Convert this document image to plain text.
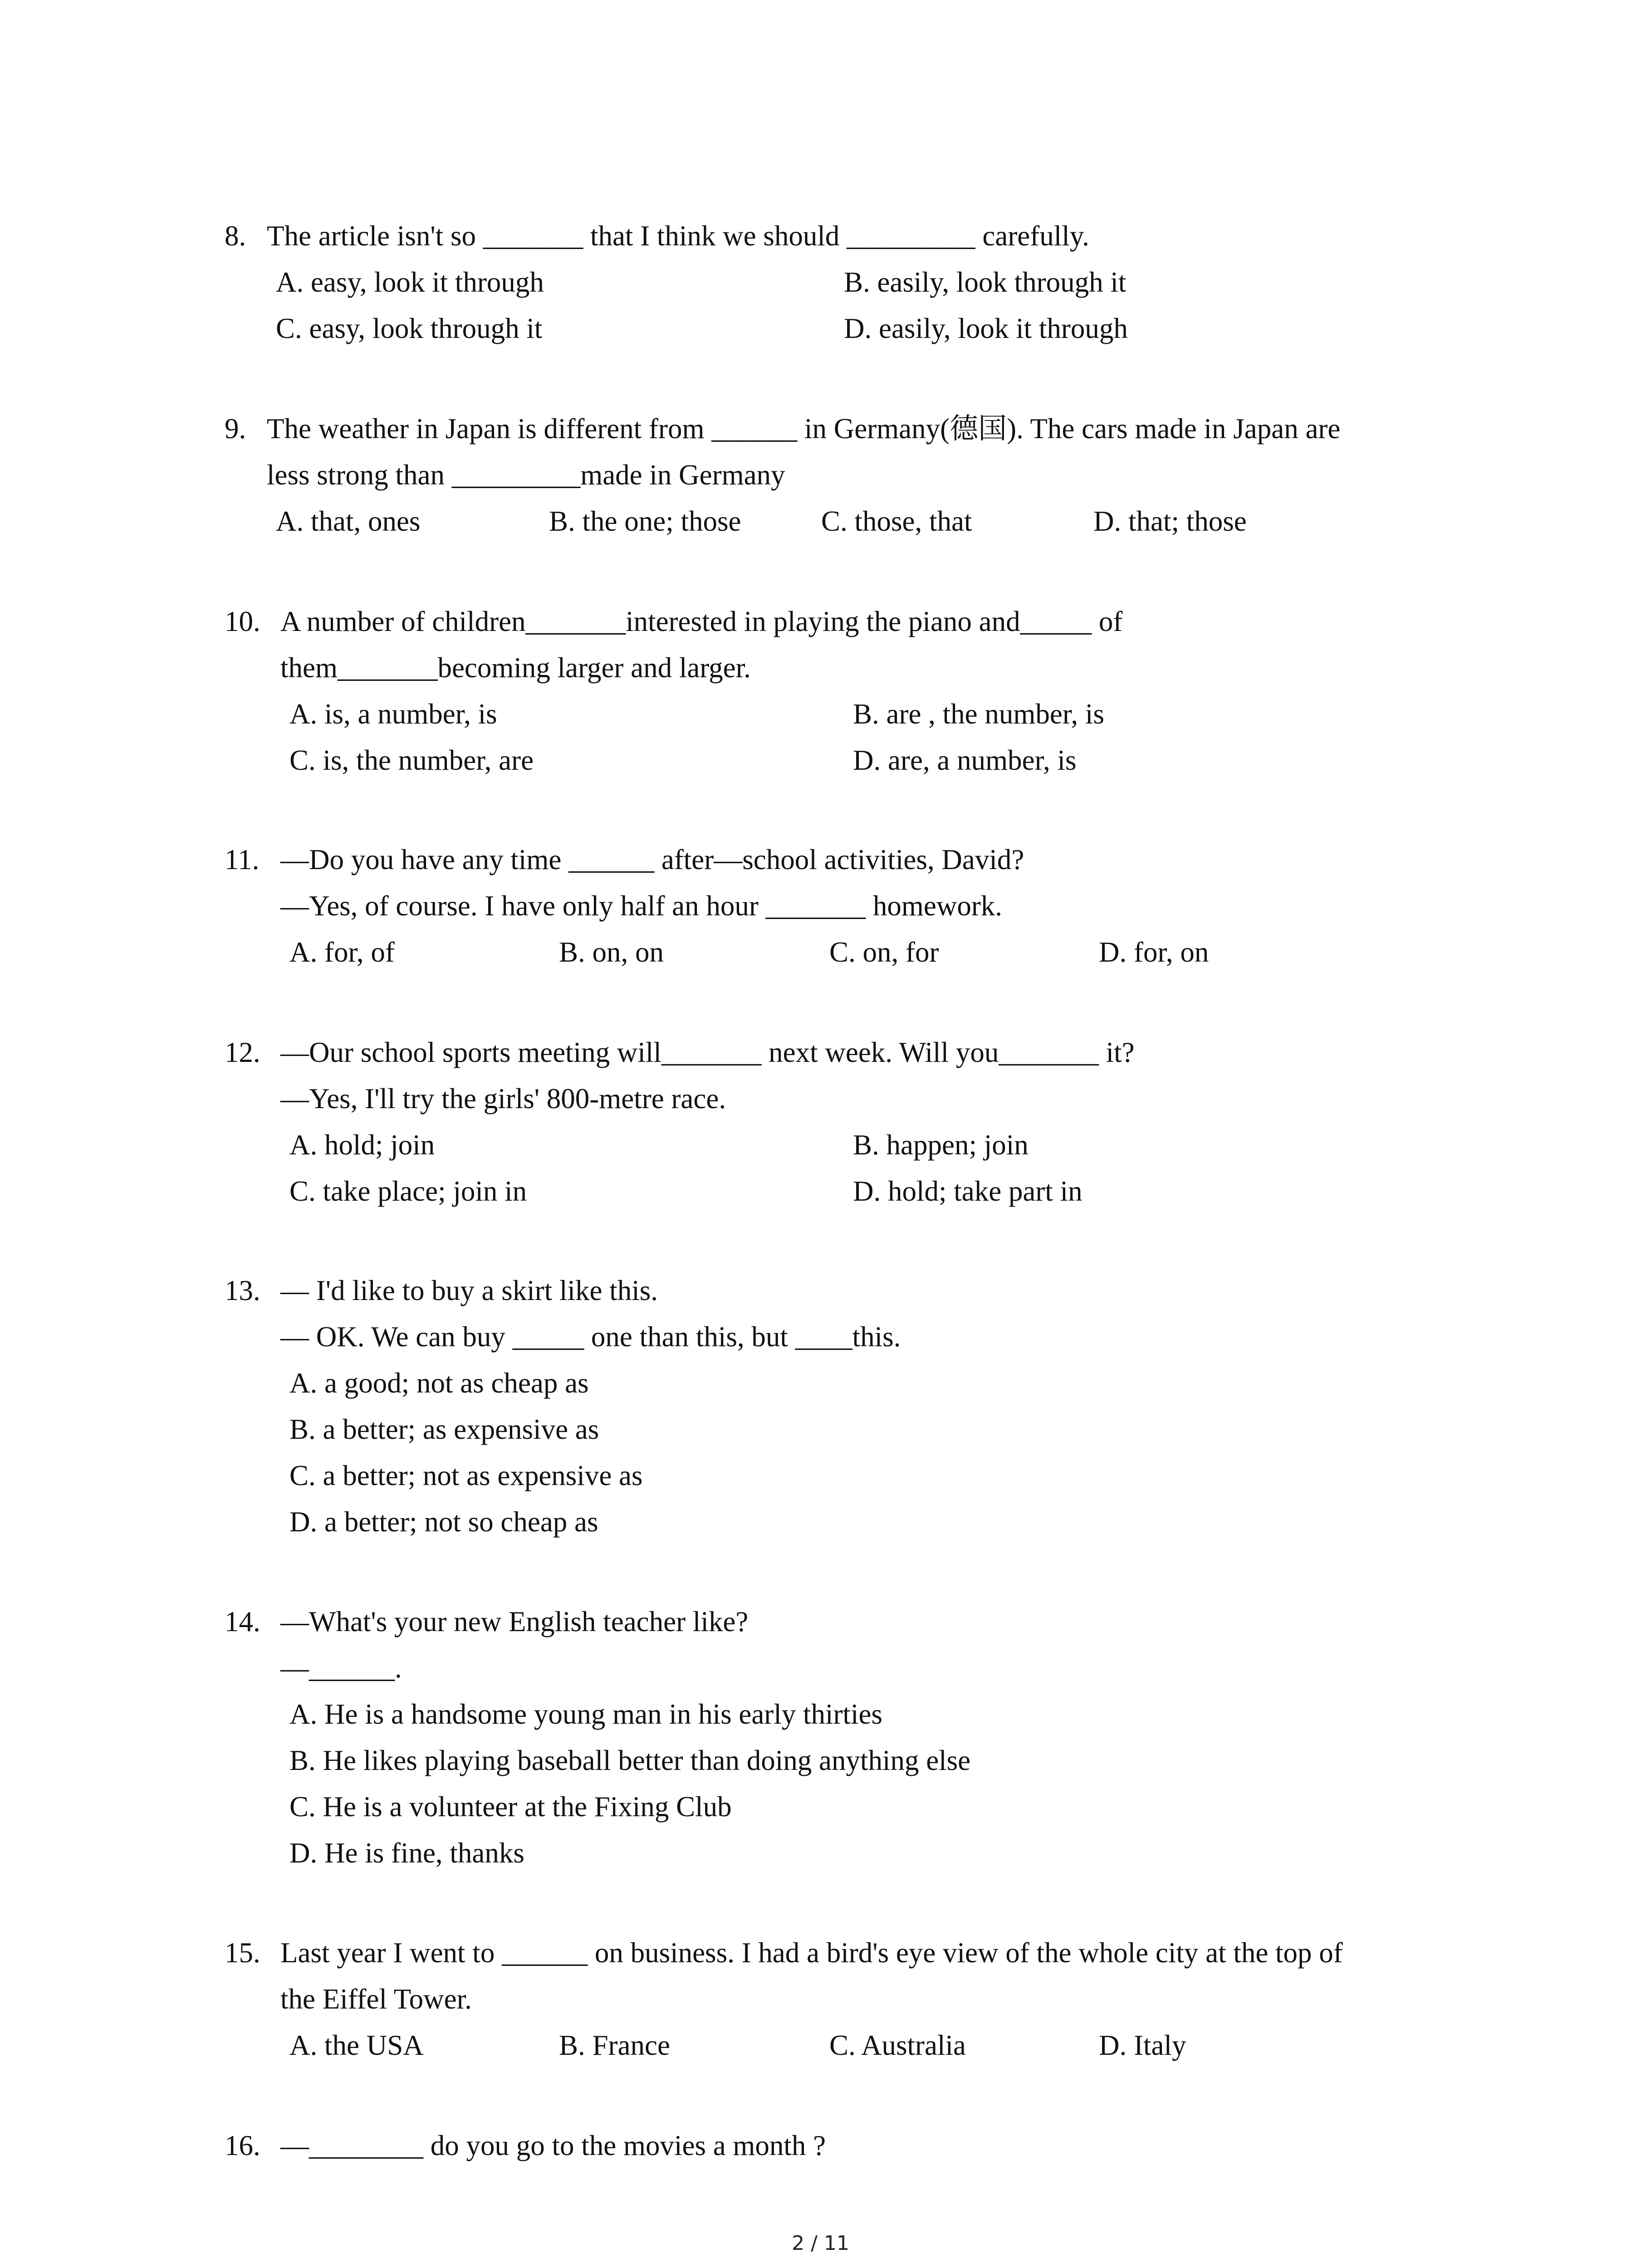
8. The article isn't so _______ that I think we should _________ carefully.
A. easy, look it through	B. easily, look through it
C. easy, look through it	D. easily, look it through
9. The weather in Japan is different from ______ in Germany(德国). The cars made in Japan are
less strong than _________made in Germany
A. that, ones	B. the one; those	C. those, that	D. that; those
10. A number of children_______interested in playing the piano and_____ of
them_______becoming larger and larger.
A. is, a number, is	B. are , the number, is
C. is, the number, are	D. are, a number, is
11. —Do you have any time ______ after—school activities, David?
—Yes, of course. I have only half an hour _______ homework.
A. for, of	B. on, on	C. on, for	D. for, on
12. —Our school sports meeting will_______ next week. Will you_______ it?
—Yes, I'll try the girls' 800-metre race.
A. hold; join	B. happen; join
C. take place; join in	D. hold; take part in
13. — I'd like to buy a skirt like this.
— OK. We can buy _____ one than this, but ____this.
A. a good; not as cheap as
B. a better; as expensive as
C. a better; not as expensive as
D. a better; not so cheap as
14. —What's your new English teacher like?
—______.
A. He is a handsome young man in his early thirties
B. He likes playing baseball better than doing anything else
C. He is a volunteer at the Fixing Club
D. He is fine, thanks
15. Last year I went to ______ on business. I had a bird's eye view of the whole city at the top of
the Eiffel Tower.
A. the USA	B. France	C. Australia	D. Italy
16. —________ do you go to the movies a month ?
2 / 11
